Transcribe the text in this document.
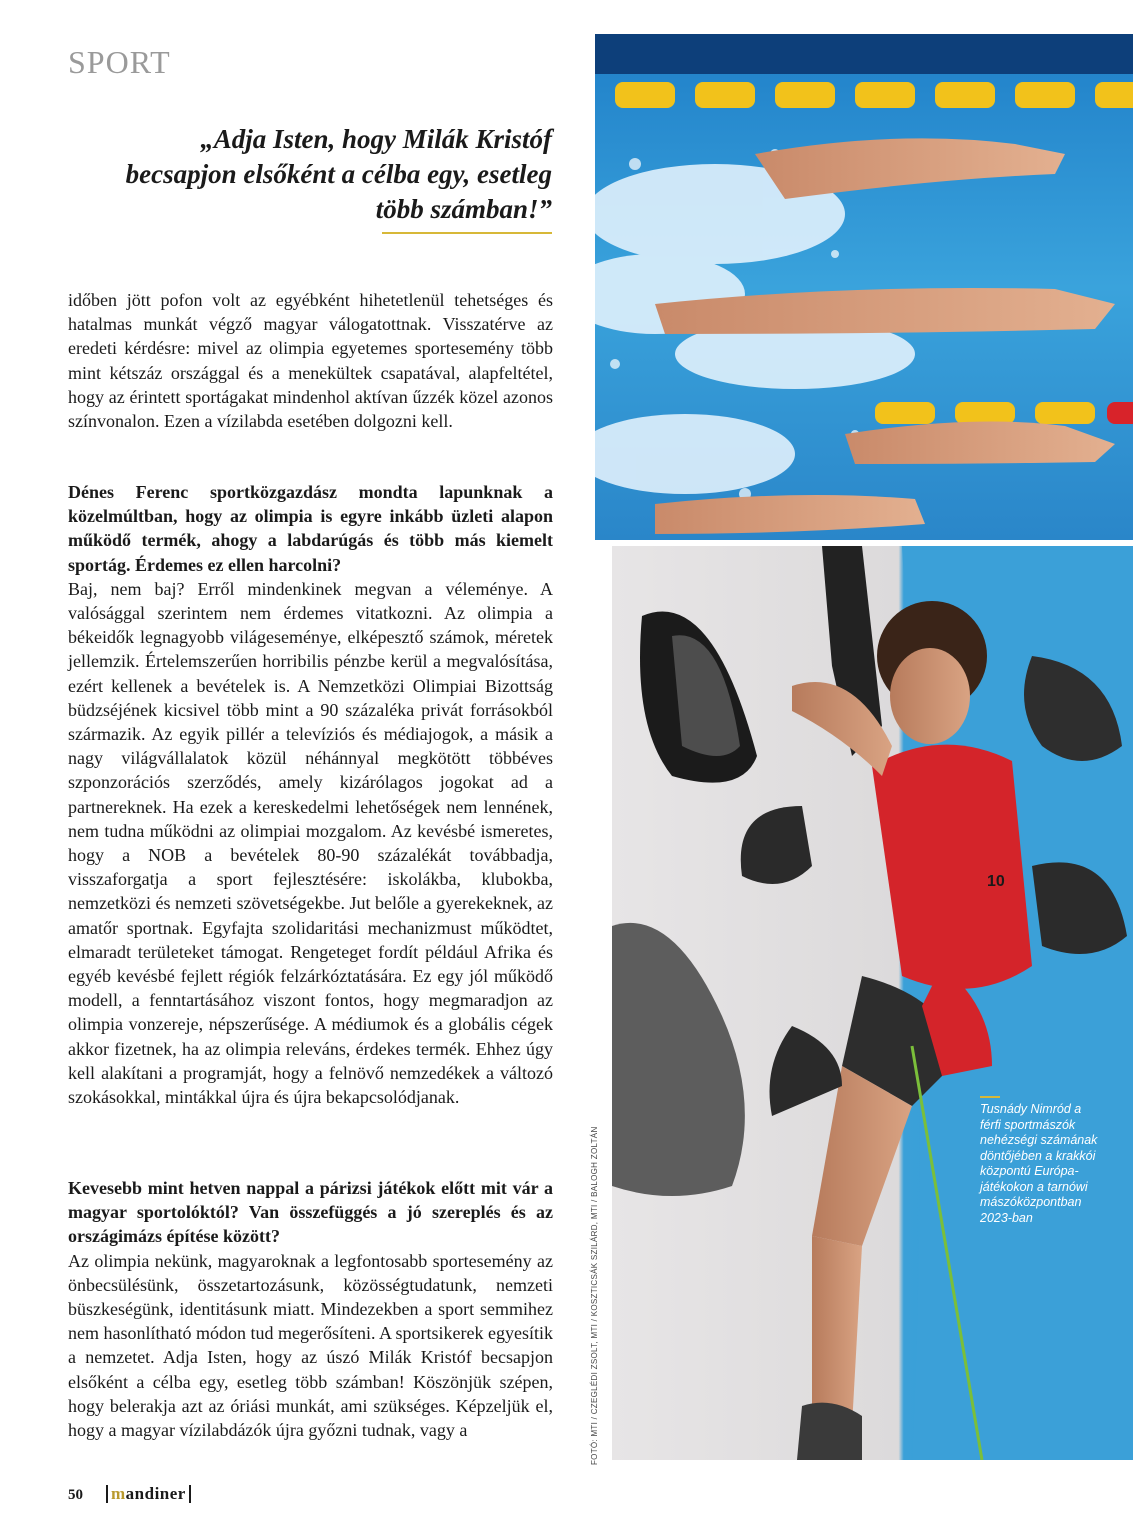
SPORT
„Adja Isten, hogy Milák Kristóf becsapjon elsőként a célba egy, esetleg több számban!”

időben jött pofon volt az egyébként hihetetlenül tehetséges és hatalmas munkát végző magyar válogatottnak. Visszatérve az eredeti kérdésre: mivel az olimpia egyetemes sportesemény több mint kétszáz országgal és a menekültek csapatával, alapfeltétel, hogy az érintett sportágakat mindenhol aktívan űzzék közel azonos színvonalon. Ezen a vízilabda esetében dolgozni kell.

Dénes Ferenc sportközgazdász mondta lapunknak a közelmúltban, hogy az olimpia is egyre inkább üzleti alapon működő termék, ahogy a labdarúgás és több más kiemelt sportág. Érdemes ez ellen harcolni?

Baj, nem baj? Erről mindenkinek megvan a véleménye. A valósággal szerintem nem érdemes vitatkozni. Az olimpia a békeidők legnagyobb világeseménye, elképesztő számok, méretek jellemzik. Értelemszerűen horribilis pénzbe kerül a megvalósítása, ezért kellenek a bevételek is. A Nemzetközi Olimpiai Bizottság büdzséjének kicsivel több mint a 90 százaléka privát forrásokból származik. Az egyik pillér a televíziós és médiajogok, a másik a nagy világvállalatok közül néhánnyal megkötött többéves szponzorációs szerződés, amely kizárólagos jogokat ad a partnereknek. Ha ezek a kereskedelmi lehetőségek nem lennének, nem tudna működni az olimpiai mozgalom. Az kevésbé ismeretes, hogy a NOB a bevételek 80-90 százalékát továbbadja, visszaforgatja a sport fejlesztésére: iskolákba, klubokba, nemzetközi és nemzeti szövetségekbe. Jut belőle a gyerekeknek, az amatőr sportnak. Egyfajta szolidaritási mechanizmust működtet, elmaradt területeket támogat. Rengeteget fordít például Afrika és egyéb kevésbé fejlett régiók felzárkóztatására. Ez egy jól működő modell, a fenntartásához viszont fontos, hogy megmaradjon az olimpia vonzereje, népszerűsége. A médiumok és a globális cégek akkor fizetnek, ha az olimpia releváns, érdekes termék. Ehhez úgy kell alakítani a programját, hogy a felnövő nemzedékek a változó szokásokkal, mintákkal újra és újra bekapcsolódjanak.

Kevesebb mint hetven nappal a párizsi játékok előtt mit vár a magyar sportolóktól? Van összefüggés a jó szereplés és az országimázs építése között?

Az olimpia nekünk, magyaroknak a legfontosabb sportesemény az önbecsülésünk, összetartozásunk, közösségtudatunk, nemzeti büszkeségünk, identitásunk miatt. Mindezekben a sport semmihez nem hasonlítható módon tud megerősíteni. A sportsikerek egyesítik a nemzetet. Adja Isten, hogy az úszó Milák Kristóf becsapjon elsőként a célba egy, esetleg több számban! Köszönjük szépen, hogy belerakja azt az óriási munkát, ami szükséges. Képzeljük el, hogy a magyar vízilabdázók újra győzni tudnak, vagy a	FOTÓ: MTI / CZEGLÉDI ZSOLT, MTI / KOSZTICSÁK SZILÁRD, MTI / BALOGH ZOLTÁN
10
Tusnády Nimród a férfi sportmászók nehézségi számának döntőjében a krakkói központú Európa-játékokon a tarnówi mászóközpontban 2023-ban
50 mandiner
